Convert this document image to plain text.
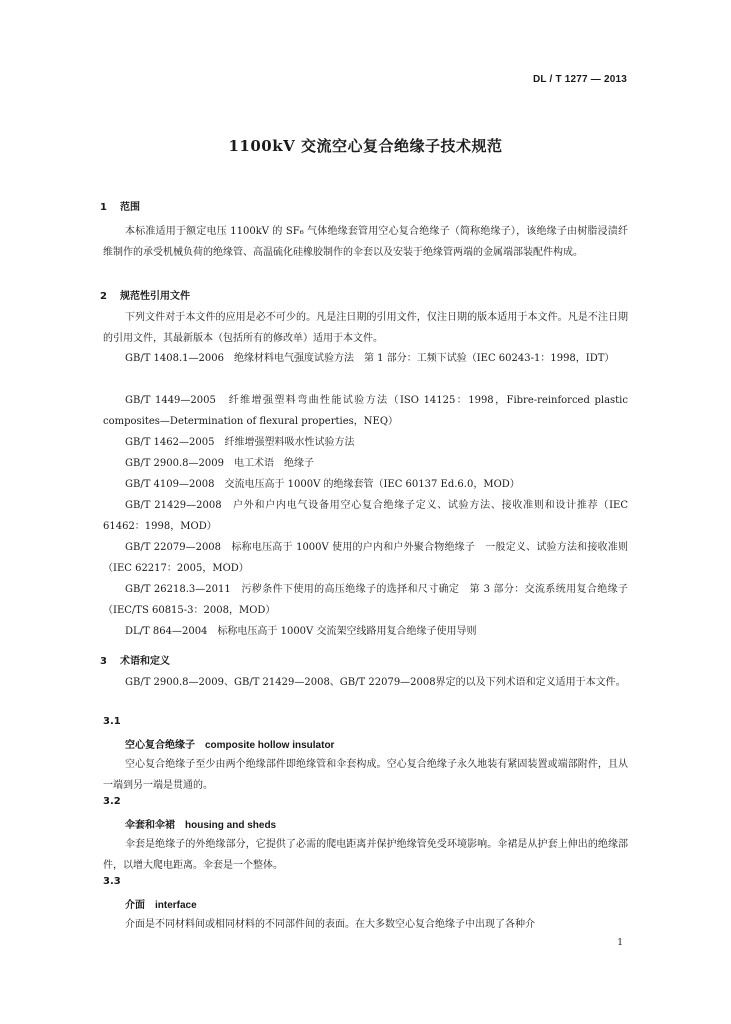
DL / T 1277 — 2013
1100kV 交流空心复合绝缘子技术规范
1 范围

本标准适用于额定电压 1100kV 的 SF₆ 气体绝缘套管用空心复合绝缘子（简称绝缘子），该绝缘子由树脂浸渍纤维制作的承受机械负荷的绝缘管、高温硫化硅橡胶制作的伞套以及安装于绝缘管两端的金属端部装配件构成。

2 规范性引用文件

下列文件对于本文件的应用是必不可少的。凡是注日期的引用文件，仅注日期的版本适用于本文件。凡是不注日期的引用文件，其最新版本（包括所有的修改单）适用于本文件。

GB/T 1408.1—2006　绝缘材料电气强度试验方法　第 1 部分：工频下试验（IEC 60243-1：1998，IDT）

GB/T 1449—2005　纤维增强塑料弯曲性能试验方法（ISO 14125：1998，Fibre-reinforced plastic composites—Determination of flexural properties，NEQ）

GB/T 1462—2005　纤维增强塑料吸水性试验方法

GB/T 2900.8—2009　电工术语　绝缘子

GB/T 4109—2008　交流电压高于 1000V 的绝缘套管（IEC 60137 Ed.6.0，MOD）

GB/T 21429—2008　户外和户内电气设备用空心复合绝缘子定义、试验方法、接收准则和设计推荐（IEC 61462：1998，MOD）

GB/T 22079—2008　标称电压高于 1000V 使用的户内和户外聚合物绝缘子　一般定义、试验方法和接收准则（IEC 62217：2005，MOD）

GB/T 26218.3—2011　污秽条件下使用的高压绝缘子的选择和尺寸确定　第 3 部分：交流系统用复合绝缘子（IEC/TS 60815-3：2008，MOD）

DL/T 864—2004　标称电压高于 1000V 交流架空线路用复合绝缘子使用导则

3 术语和定义

GB/T 2900.8—2009、GB/T 21429—2008、GB/T 22079—2008界定的以及下列术语和定义适用于本文件。

3.1
空心复合绝缘子 composite hollow insulator

空心复合绝缘子至少由两个绝缘部件即绝缘管和伞套构成。空心复合绝缘子永久地装有紧固装置或端部附件，且从一端到另一端是贯通的。

3.2
伞套和伞裙 housing and sheds

伞套是绝缘子的外绝缘部分，它提供了必需的爬电距离并保护绝缘管免受环境影响。伞裙是从护套上伸出的绝缘部件，以增大爬电距离。伞套是一个整体。

3.3
介面 interface

介面是不同材料间或相同材料的不同部件间的表面。在大多数空心复合绝缘子中出现了各种介

1
